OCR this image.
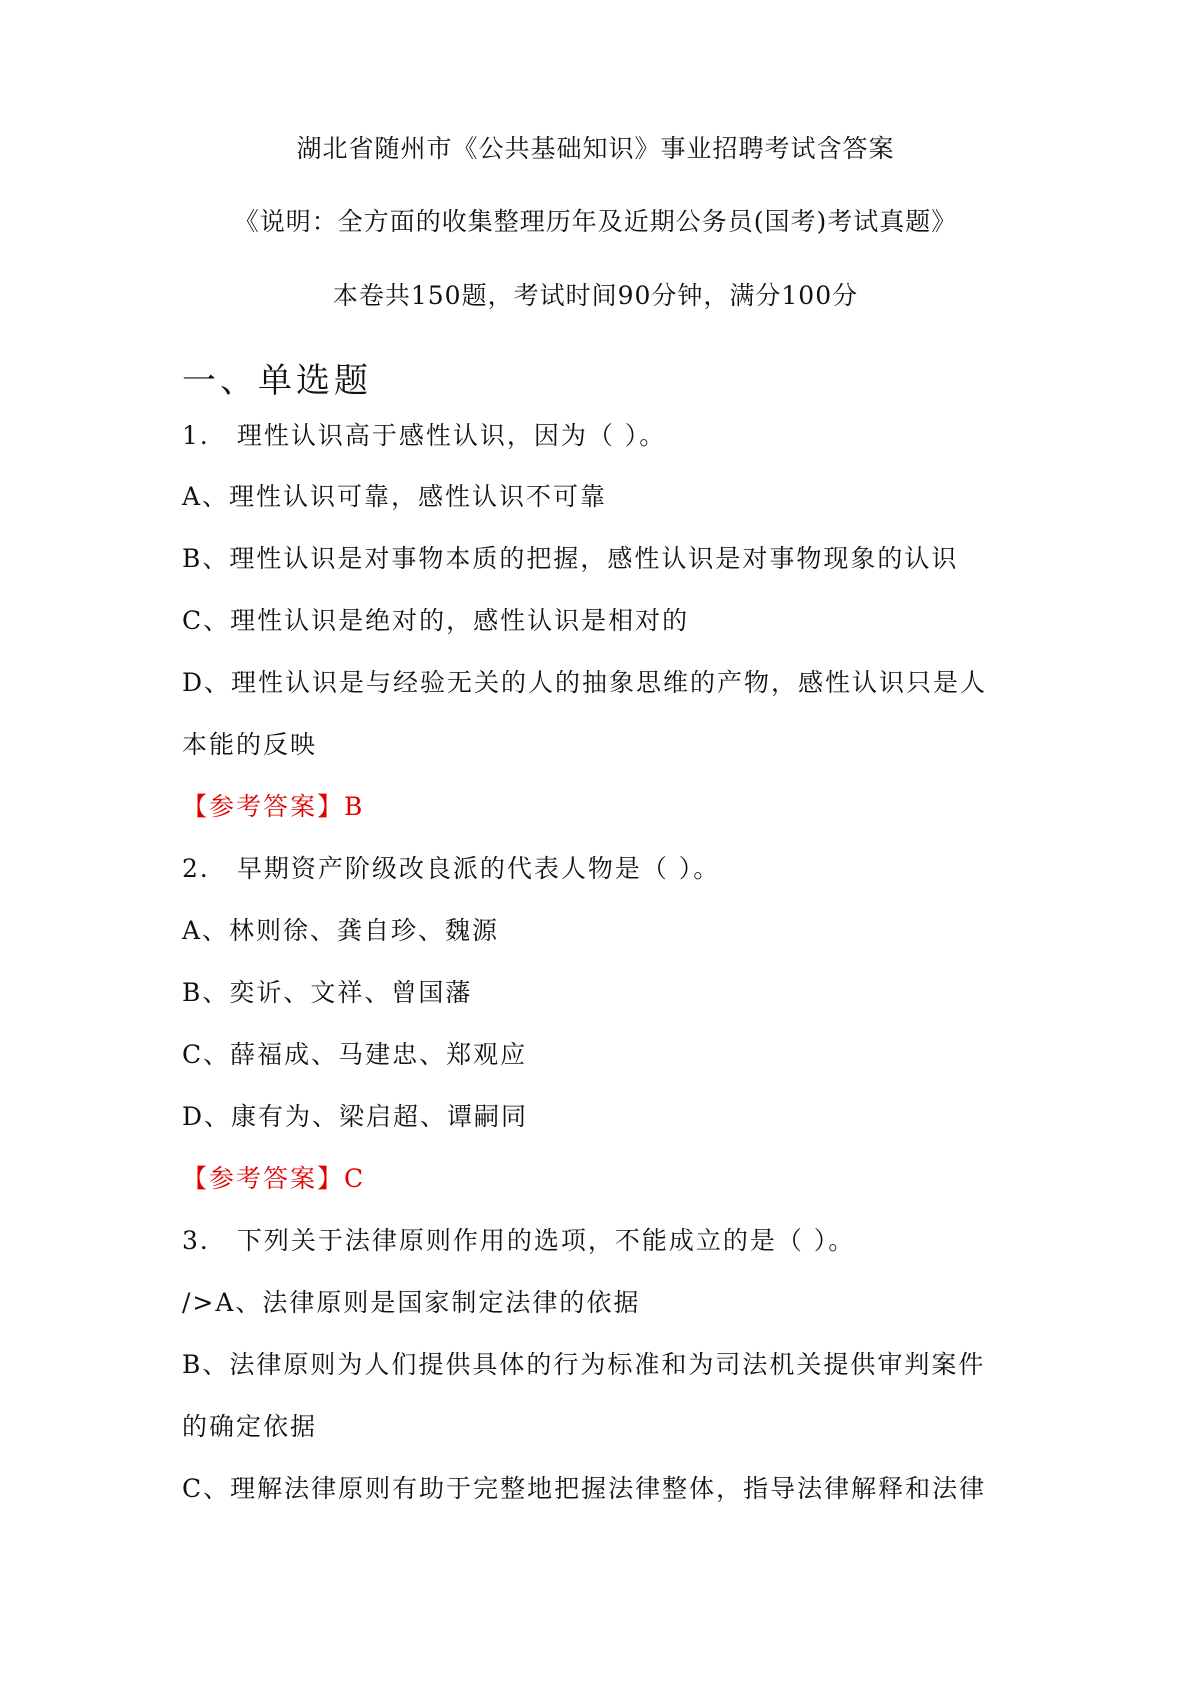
湖北省随州市《公共基础知识》事业招聘考试含答案
《说明：全方面的收集整理历年及近期公务员(国考)考试真题》
本卷共150题，考试时间90分钟，满分100分
一、单选题
1． 理性认识高于感性认识，因为（ ）。
A、理性认识可靠，感性认识不可靠
B、理性认识是对事物本质的把握，感性认识是对事物现象的认识
C、理性认识是绝对的，感性认识是相对的
D、理性认识是与经验无关的人的抽象思维的产物，感性认识只是人
本能的反映
【参考答案】B
2． 早期资产阶级改良派的代表人物是（ ）。
A、林则徐、龚自珍、魏源
B、奕䜣、文祥、曾国藩
C、薛福成、马建忠、郑观应
D、康有为、梁启超、谭嗣同
【参考答案】C
3． 下列关于法律原则作用的选项，不能成立的是（ ）。
/>A、法律原则是国家制定法律的依据
B、法律原则为人们提供具体的行为标准和为司法机关提供审判案件
的确定依据
C、理解法律原则有助于完整地把握法律整体，指导法律解释和法律
